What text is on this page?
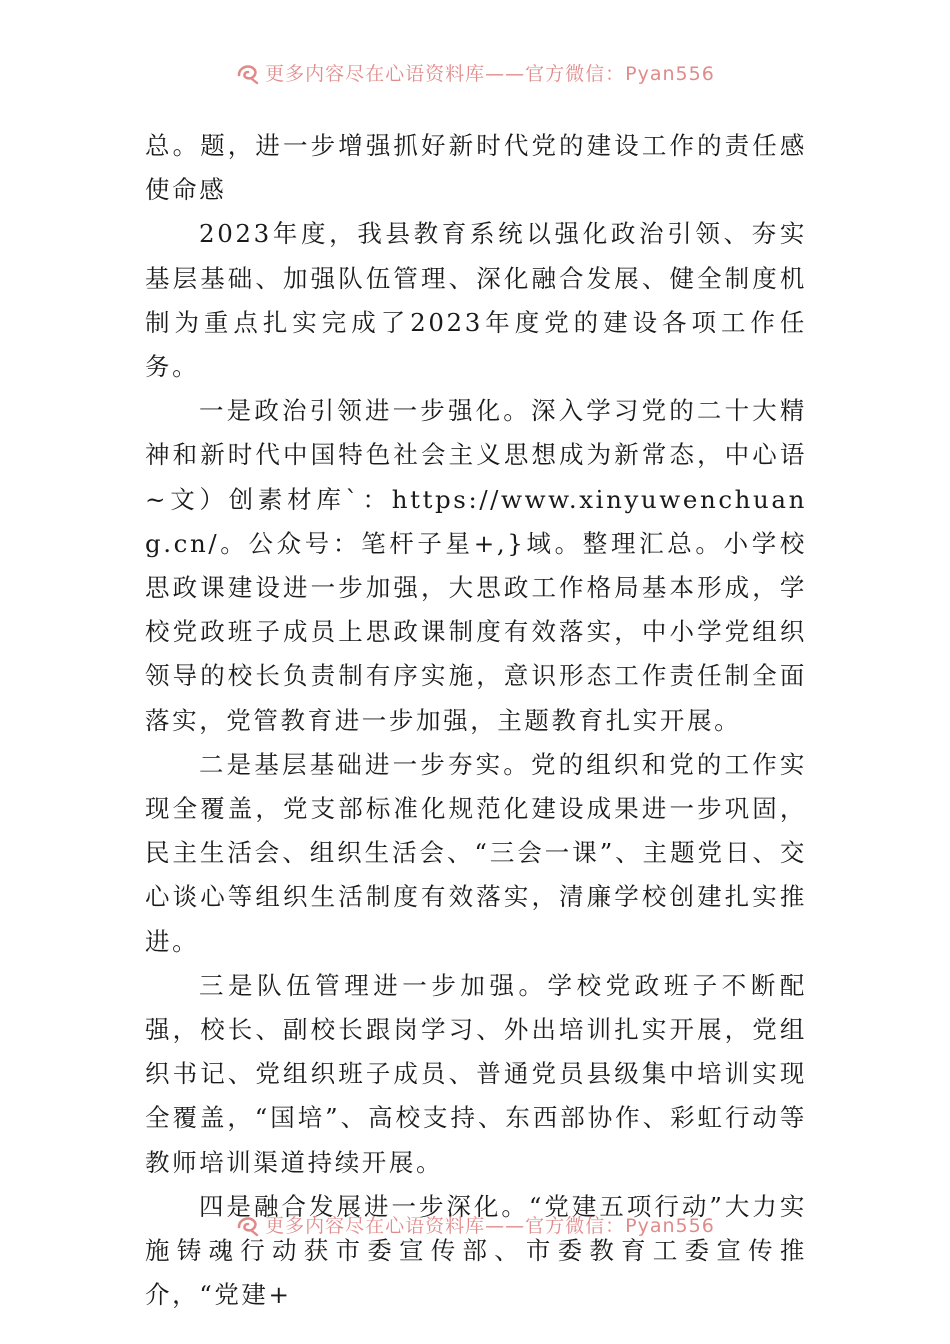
更多内容尽在心语资料库——官方微信：Pyan556

总。题，进一步增强抓好新时代党的建设工作的责任感使命感

2023年度，我县教育系统以强化政治引领、夯实基层基础、加强队伍管理、深化融合发展、健全制度机制为重点扎实完成了2023年度党的建设各项工作任务。

一是政治引领进一步强化。深入学习党的二十大精神和新时代中国特色社会主义思想成为新常态，中心语~文）创素材库`：https://www.xinyuwenchuang.cn/。公众号：笔杆子星+,}域。整理汇总。小学校思政课建设进一步加强，大思政工作格局基本形成，学校党政班子成员上思政课制度有效落实，中小学党组织领导的校长负责制有序实施，意识形态工作责任制全面落实，党管教育进一步加强，主题教育扎实开展。

二是基层基础进一步夯实。党的组织和党的工作实现全覆盖，党支部标准化规范化建设成果进一步巩固，民主生活会、组织生活会、“三会一课”、主题党日、交心谈心等组织生活制度有效落实，清廉学校创建扎实推进。

三是队伍管理进一步加强。学校党政班子不断配强，校长、副校长跟岗学习、外出培训扎实开展，党组织书记、党组织班子成员、普通党员县级集中培训实现全覆盖，“国培”、高校支持、东西部协作、彩虹行动等教师培训渠道持续开展。

四是融合发展进一步深化。“党建五项行动”大力实施铸魂行动获市委宣传部、市委教育工委宣传推介，“党建+

更多内容尽在心语资料库——官方微信：Pyan556
